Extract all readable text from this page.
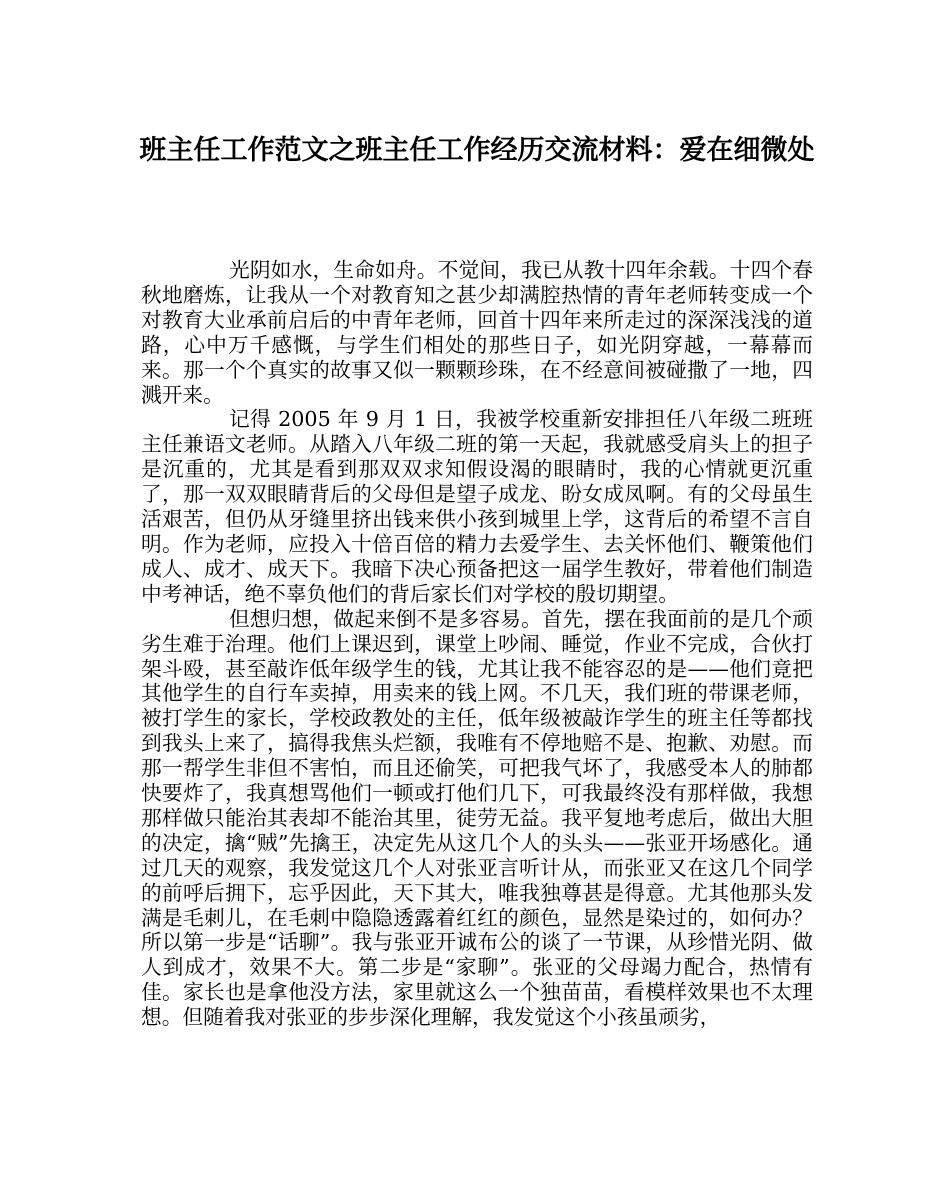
班主任工作范文之班主任工作经历交流材料：爱在细微处

光阴如水，生命如舟。不觉间，我已从教十四年余载。十四个春秋地磨炼，让我从一个对教育知之甚少却满腔热情的青年老师转变成一个对教育大业承前启后的中青年老师，回首十四年来所走过的深深浅浅的道路，心中万千感慨，与学生们相处的那些日子，如光阴穿越，一幕幕而来。那一个个真实的故事又似一颗颗珍珠，在不经意间被碰撒了一地，四溅开来。

记得 2005 年 9 月 1 日，我被学校重新安排担任八年级二班班主任兼语文老师。从踏入八年级二班的第一天起，我就感受肩头上的担子是沉重的，尤其是看到那双双求知假设渴的眼睛时，我的心情就更沉重了，那一双双眼睛背后的父母但是望子成龙、盼女成凤啊。有的父母虽生活艰苦，但仍从牙缝里挤出钱来供小孩到城里上学，这背后的希望不言自明。作为老师，应投入十倍百倍的精力去爱学生、去关怀他们、鞭策他们成人、成才、成天下。我暗下决心预备把这一届学生教好，带着他们制造中考神话，绝不辜负他们的背后家长们对学校的殷切期望。

但想归想，做起来倒不是多容易。首先，摆在我面前的是几个顽劣生难于治理。他们上课迟到，课堂上吵闹、睡觉，作业不完成，合伙打架斗殴，甚至敲诈低年级学生的钱，尤其让我不能容忍的是——他们竟把其他学生的自行车卖掉，用卖来的钱上网。不几天，我们班的带课老师，被打学生的家长，学校政教处的主任，低年级被敲诈学生的班主任等都找到我头上来了，搞得我焦头烂额，我唯有不停地赔不是、抱歉、劝慰。而那一帮学生非但不害怕，而且还偷笑，可把我气坏了，我感受本人的肺都快要炸了，我真想骂他们一顿或打他们几下，可我最终没有那样做，我想那样做只能治其表却不能治其里，徒劳无益。我平复地考虑后，做出大胆的决定，擒“贼”先擒王，决定先从这几个人的头头——张亚开场感化。通过几天的观察，我发觉这几个人对张亚言听计从，而张亚又在这几个同学的前呼后拥下，忘乎因此，天下其大，唯我独尊甚是得意。尤其他那头发满是毛刺儿，在毛刺中隐隐透露着红红的颜色，显然是染过的，如何办？所以第一步是“话聊”。我与张亚开诚布公的谈了一节课，从珍惜光阴、做人到成才，效果不大。第二步是“家聊”。张亚的父母竭力配合，热情有佳。家长也是拿他没方法，家里就这么一个独苗苗，看模样效果也不太理想。但随着我对张亚的步步深化理解，我发觉这个小孩虽顽劣，
